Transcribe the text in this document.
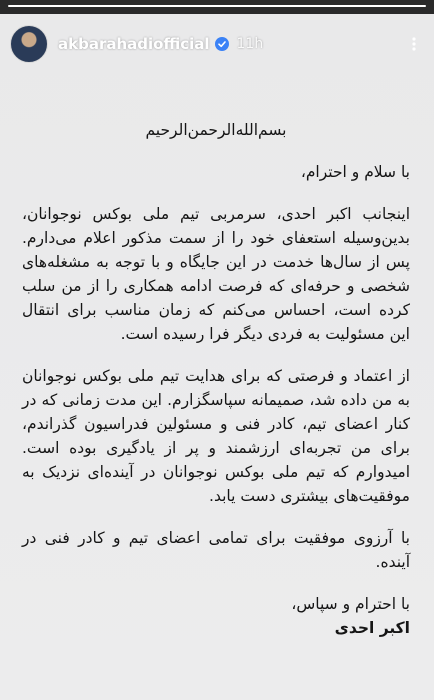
akbarahadiofficial 11h

بسم‌الله‌الرحمن‌الرحیم

با سلام و احترام،

اینجانب اکبر احدی، سرمربی تیم ملی بوکس نوجوانان، بدین‌وسیله استعفای خود را از سمت مذکور اعلام می‌دارم. پس از سال‌ها خدمت در این جایگاه و با توجه به مشغله‌های شخصی و حرفه‌ای که فرصت ادامه همکاری را از من سلب کرده است، احساس می‌کنم که زمان مناسب برای انتقال این مسئولیت به فردی دیگر فرا رسیده است.

از اعتماد و فرصتی که برای هدایت تیم ملی بوکس نوجوانان به من داده شد، صمیمانه سپاسگزارم. این مدت زمانی که در کنار اعضای تیم، کادر فنی و مسئولین فدراسیون گذراندم، برای من تجربه‌ای ارزشمند و پر از یادگیری بوده است. امیدوارم که تیم ملی بوکس نوجوانان در آینده‌ای نزدیک به موفقیت‌های بیشتری دست یابد.

با آرزوی موفقیت برای تمامی اعضای تیم و کادر فنی در آینده.

با احترام و سپاس،

اکبر احدی
